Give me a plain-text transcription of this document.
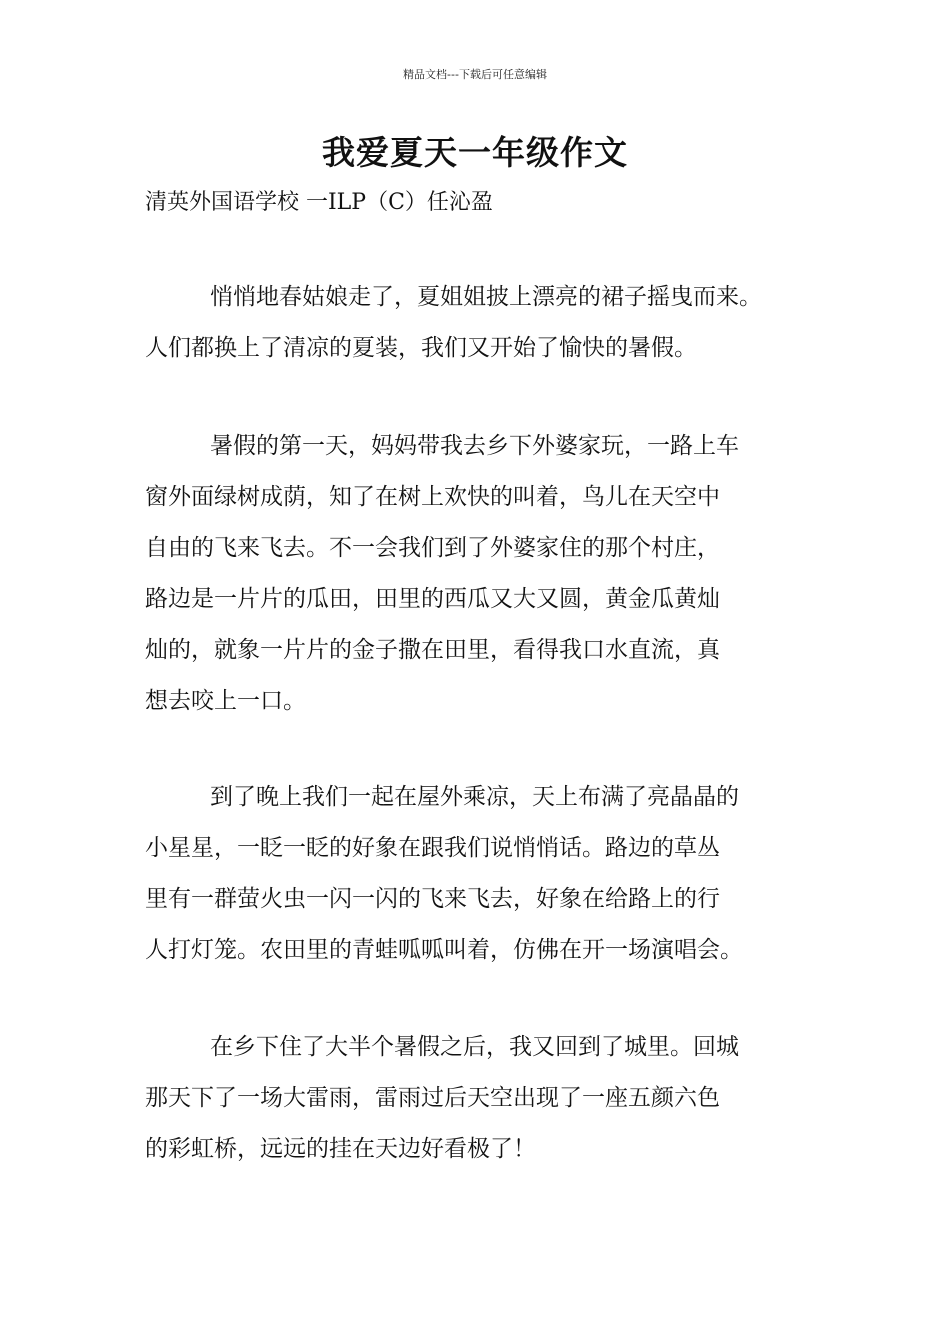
精品文档---下载后可任意编辑
我爱夏天一年级作文
清英外国语学校 一ILP（C）任沁盈
悄悄地春姑娘走了，夏姐姐披上漂亮的裙子摇曳而来。
人们都换上了清凉的夏装，我们又开始了愉快的暑假。
暑假的第一天，妈妈带我去乡下外婆家玩，一路上车
窗外面绿树成荫，知了在树上欢快的叫着，鸟儿在天空中
自由的飞来飞去。不一会我们到了外婆家住的那个村庄，
路边是一片片的瓜田，田里的西瓜又大又圆，黄金瓜黄灿
灿的，就象一片片的金子撒在田里，看得我口水直流，真
想去咬上一口。
到了晚上我们一起在屋外乘凉，天上布满了亮晶晶的
小星星，一眨一眨的好象在跟我们说悄悄话。路边的草丛
里有一群萤火虫一闪一闪的飞来飞去，好象在给路上的行
人打灯笼。农田里的青蛙呱呱叫着，仿佛在开一场演唱会。
在乡下住了大半个暑假之后，我又回到了城里。回城
那天下了一场大雷雨，雷雨过后天空出现了一座五颜六色
的彩虹桥，远远的挂在天边好看极了！
